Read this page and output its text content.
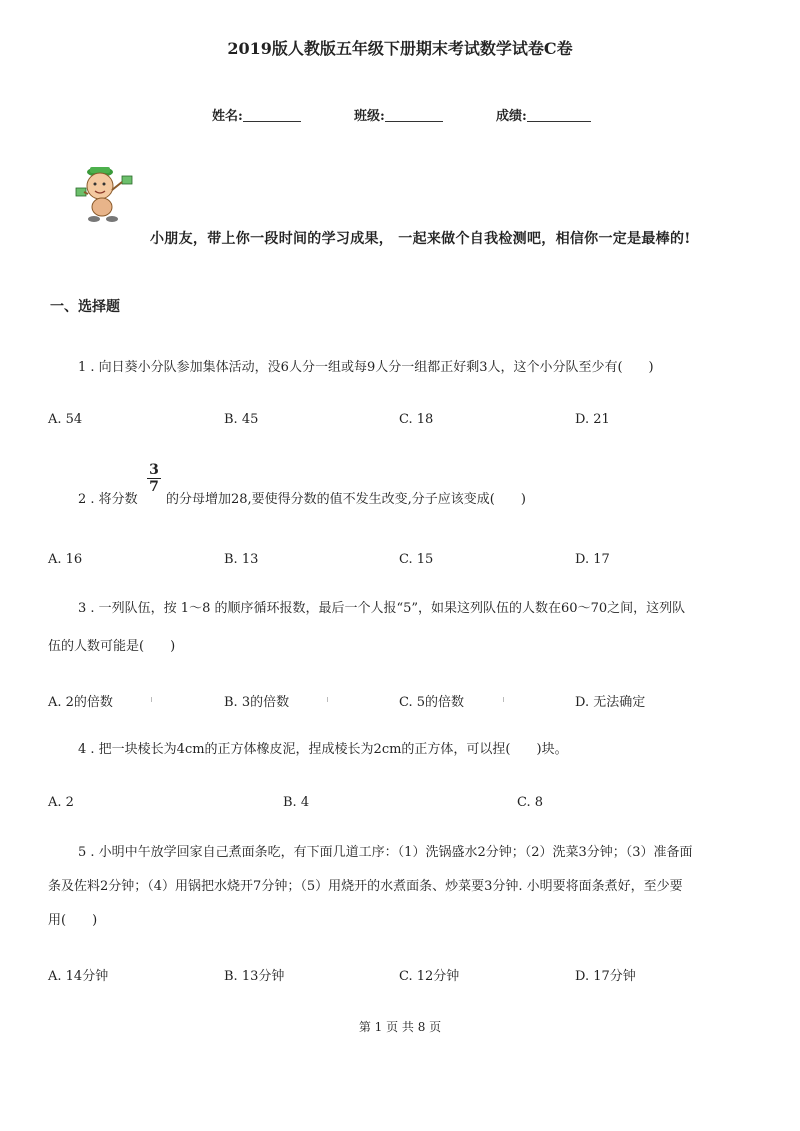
2019版人教版五年级下册期末考试数学试卷C卷
姓名:	班级:	成绩:
小朋友，带上你一段时间的学习成果， 一起来做个自我检测吧，相信你一定是最棒的!
一、选择题
1 . 向日葵小分队参加集体活动，没6人分一组或每9人分一组都正好剩3人，这个小分队至少有(　　)
A. 54	B. 45	C. 18	D. 21
2 . 将分数
$\frac{3}{7}$
的分母增加28,要使得分数的值不发生改变,分子应该变成(　　)
A. 16	B. 13	C. 15	D. 17
3 . 一列队伍，按 1～8 的顺序循环报数，最后一个人报“5”，如果这列队伍的人数在60～70之间，这列队
伍的人数可能是(　　)
A. 2的倍数	B. 3的倍数	C. 5的倍数	D. 无法确定
4 . 把一块棱长为4cm的正方体橡皮泥，捏成棱长为2cm的正方体，可以捏(　　)块。
A. 2	B. 4	C. 8
5 . 小明中午放学回家自己煮面条吃，有下面几道工序：（1）洗锅盛水2分钟；（2）洗菜3分钟；（3）准备面
条及佐料2分钟；（4）用锅把水烧开7分钟；（5）用烧开的水煮面条、炒菜要3分钟. 小明要将面条煮好，至少要
用(　　)
A. 14分钟	B. 13分钟	C. 12分钟	D. 17分钟
第 1 页 共 8 页
